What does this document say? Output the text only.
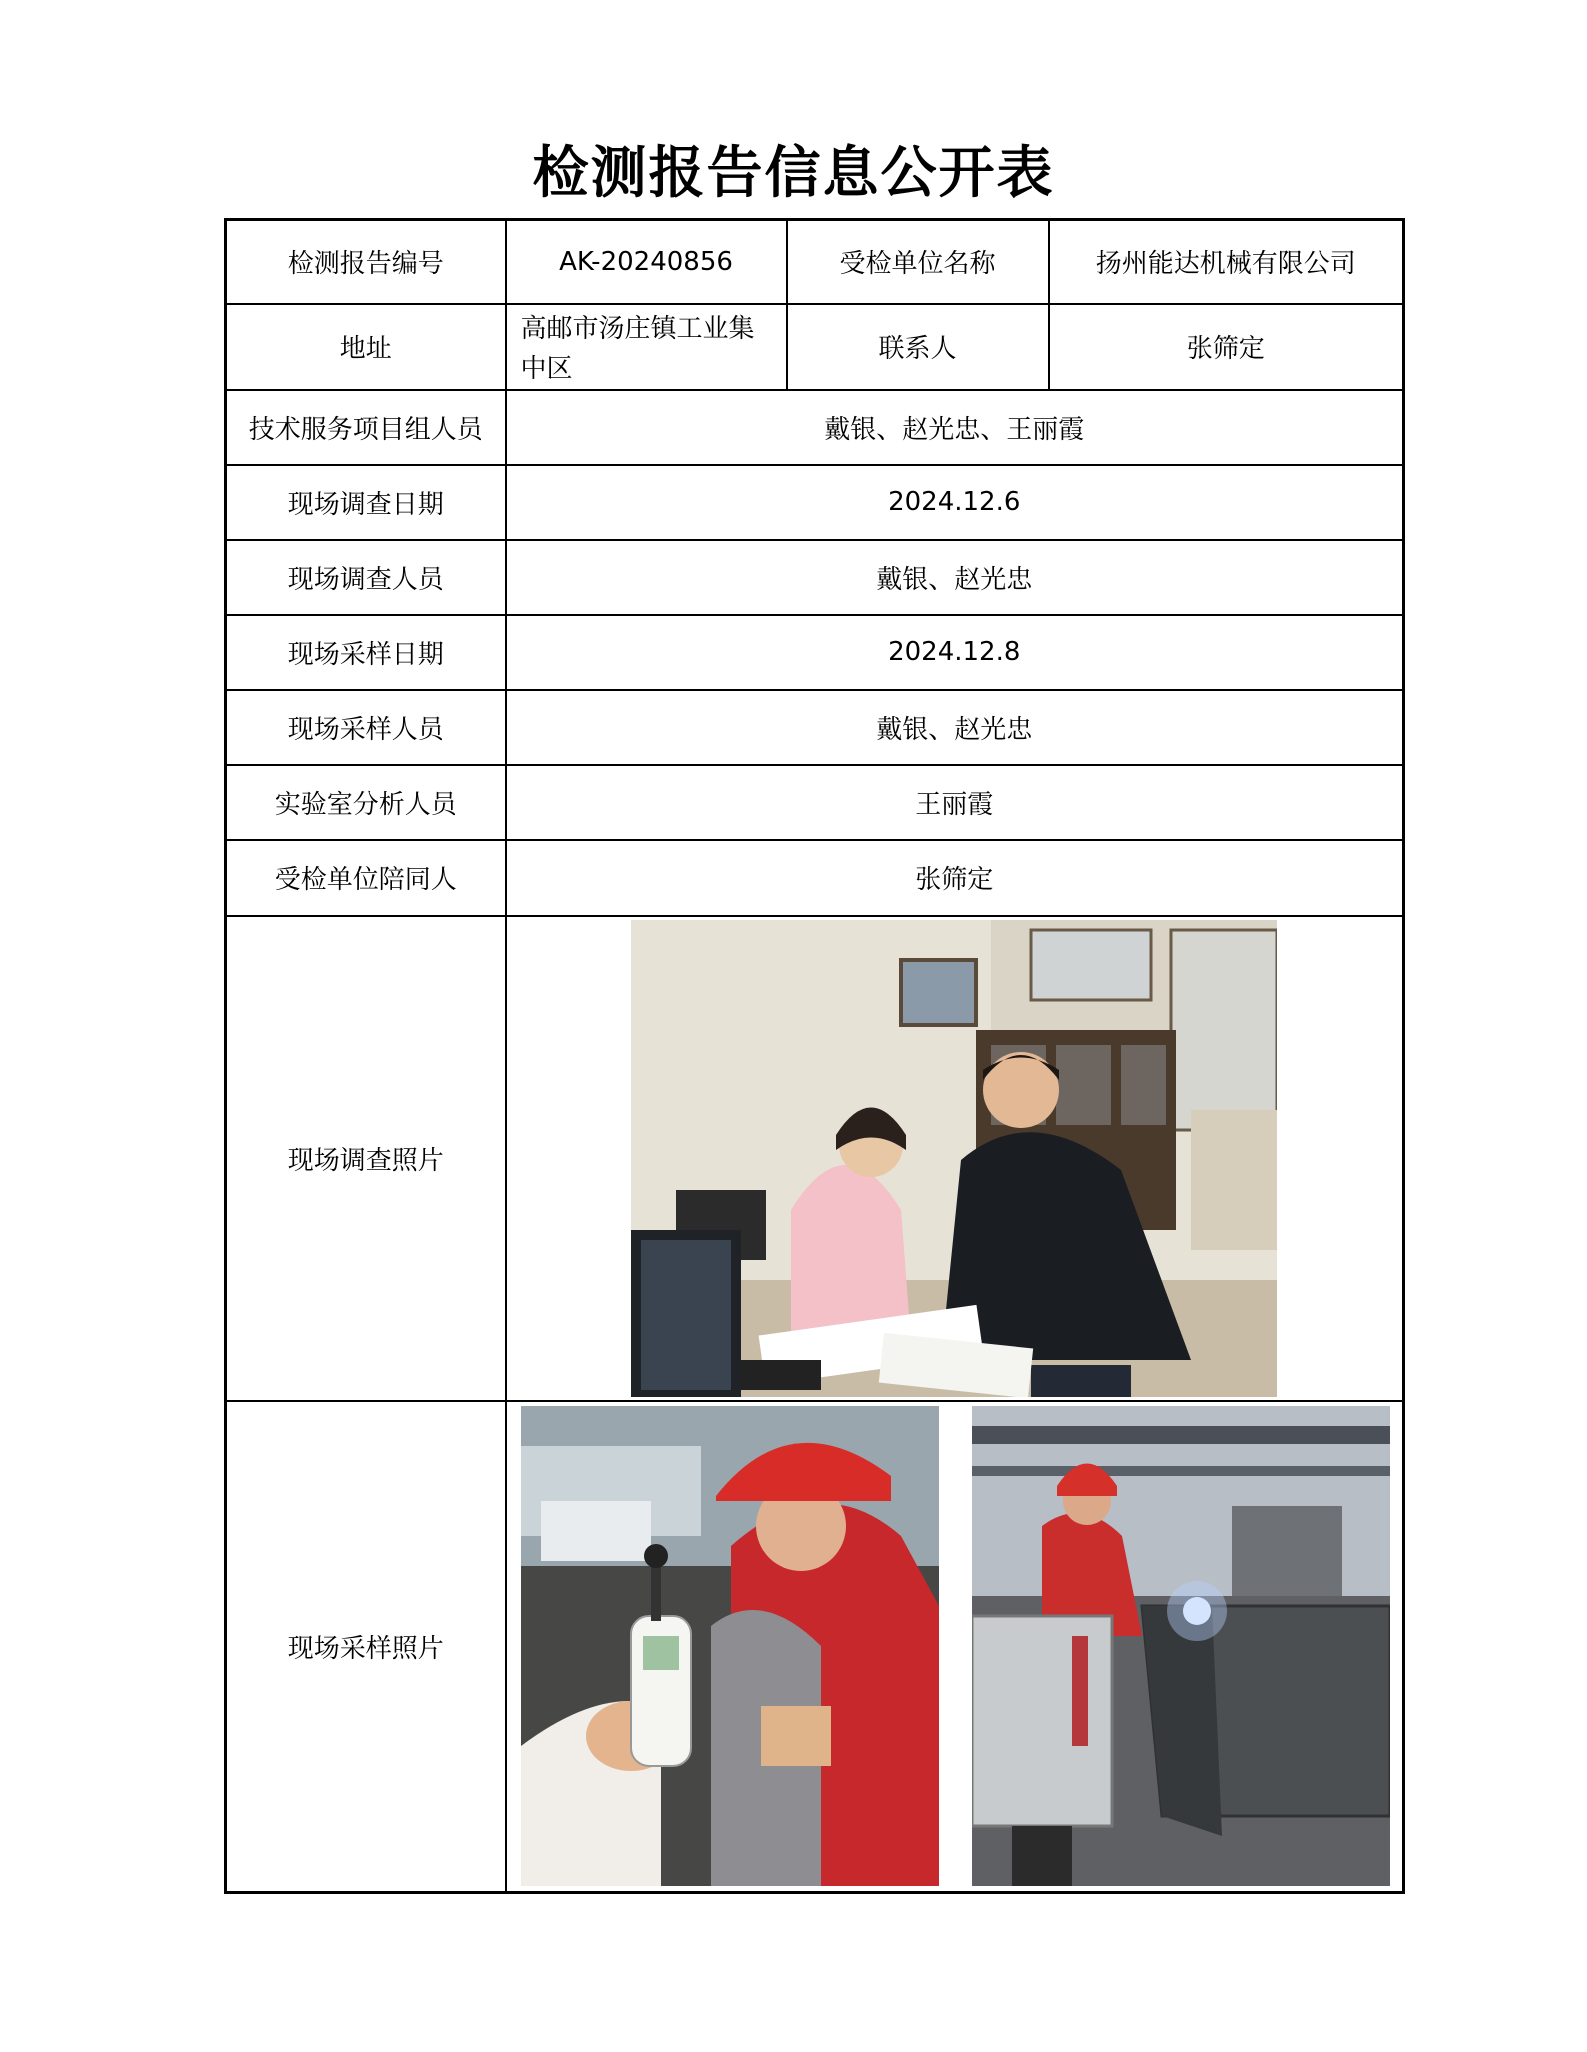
检测报告信息公开表
检测报告编号	AK-20240856	受检单位名称	扬州能达机械有限公司
地址	高邮市汤庄镇工业集中区	联系人	张筛定
技术服务项目组人员	戴银、赵光忠、王丽霞		
现场调查日期	2024.12.6		
现场调查人员	戴银、赵光忠		
现场采样日期	2024.12.8		
现场采样人员	戴银、赵光忠		
实验室分析人员	王丽霞		
受检单位陪同人	张筛定		
现场调查照片	

现场采样照片	
